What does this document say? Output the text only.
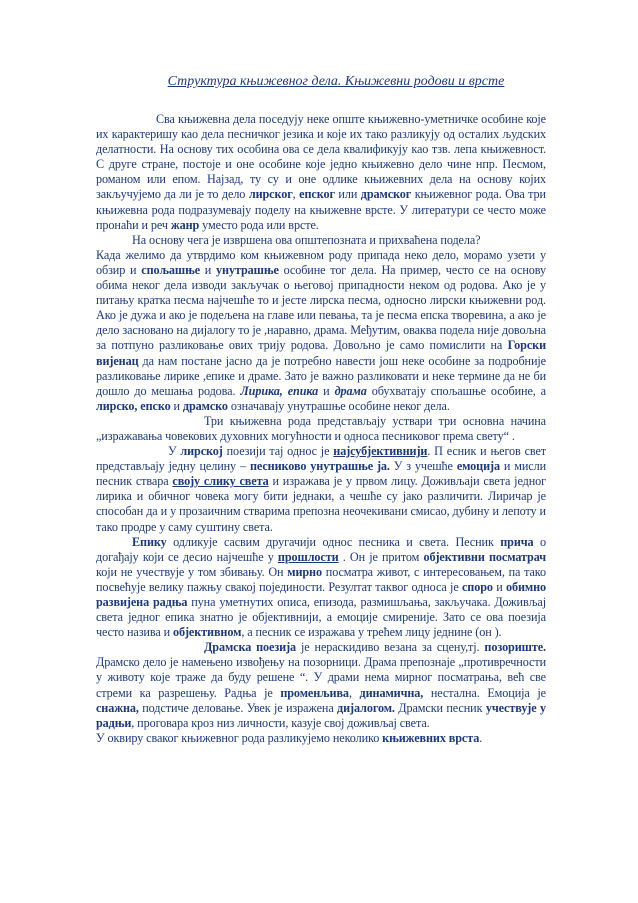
Структура књижевног дела. Књижевни родови и врсте

Сва књижевна дела поседују неке опште књижевно-уметничке особине које их карактеришу као дела песничког језика и које их тако разликују од осталих људских делатности. На основу тих особина ова се дела квалификују као тзв. лепа књижевност. С друге стране, постоје и оне особине које једно књижевно дело чине нпр. Песмом, романом или епом. Најзад, ту су и оне одлике књижевних дела на основу којих закључујемо да ли је то дело лирског, епског или драмског књижевног рода. Ова три књижевна рода подразумевају поделу на књижевне врсте. У литератури се често може пронаћи и реч жанр уместо рода или врсте.

На основу чега је извршена ова општепозната и прихваћена подела?

Када желимо да утврдимо ком књижевном роду припада неко дело, морамо узети у обзир и спољашње и унутрашње особине тог дела. На пример, често се на основу обима неког дела изводи закључак о његовој припадности неком од родова. Ако је у питању кратка песма најчешће то и јесте лирска песма, односно лирски књижевни род. Ако је дужа и ако је подељена на главе или певања, та је песма епска творевина, а ако је дело засновано на дијалогу то је ,наравно, драма. Међутим, оваква подела није довољна за потпуно разликовање ових трију родова. Довољно је само помислити на Горски вијенац да нам постане јасно да је потребно навести још неке особине за подробније разликовање лирике ,епике и драме. Зато је важно разликовати и неке термине да не би дошло до мешања родова. Лирика, епика и драма обухватају спољашње особине, а лирско, епско и драмско означавају унутрашње особине неког дела.

Три књижевна рода представљају уствари три основна начина „изражавања човекових духовних могућности и односа песниковог према свету“ .

У лирској поезији тај однос је најсубјективнији. П есник и његов свет представљају једну целину – песниково унутрашње ја. У з учешће емоција и мисли песник ствара своју слику света и изражава је у првом лицу. Доживљаји света једног лирика и обичног човека могу бити једнаки, а чешће су јако различити. Лиричар је способан да и у прозаичним стварима препозна неочекивани смисао, дубину и лепоту и тако продре у саму суштину света.

Епику одликује сасвим другачији однос песника и света. Песник прича о догађају који се десио најчешће у прошлости . Он је притом објективни посматрач који не учествује у том збивању. Он мирно посматра живот, с интересовањем, па тако посвећује велику пажњу свакој појединости. Резултат таквог односа је споро и обимно развијена радња пуна уметнутих описа, епизода, размишљања, закључака. Доживљај света једног епика знатно је објективнији, а емоције смиреније. Зато се ова поезија често назива и објективном, а песник се изражава у трећем лицу једнине (он ).

Драмска поезија је нераскидиво везана за сцену,тј. позориште. Драмско дело је намењено извођењу на позорници. Драма препознаје „противречности у животу које траже да буду решене “. У драми нема мирног посматрања, већ све стреми ка разрешењу. Радња је променљива, динамична, нестална. Емоција је снажна, подстиче деловање. Увек је изражена дијалогом. Драмски песник учествује у радњи, проговара кроз низ личности, казује свој доживљај света.

У оквиру сваког књижевног рода разликујемо неколико књижевних врста.
